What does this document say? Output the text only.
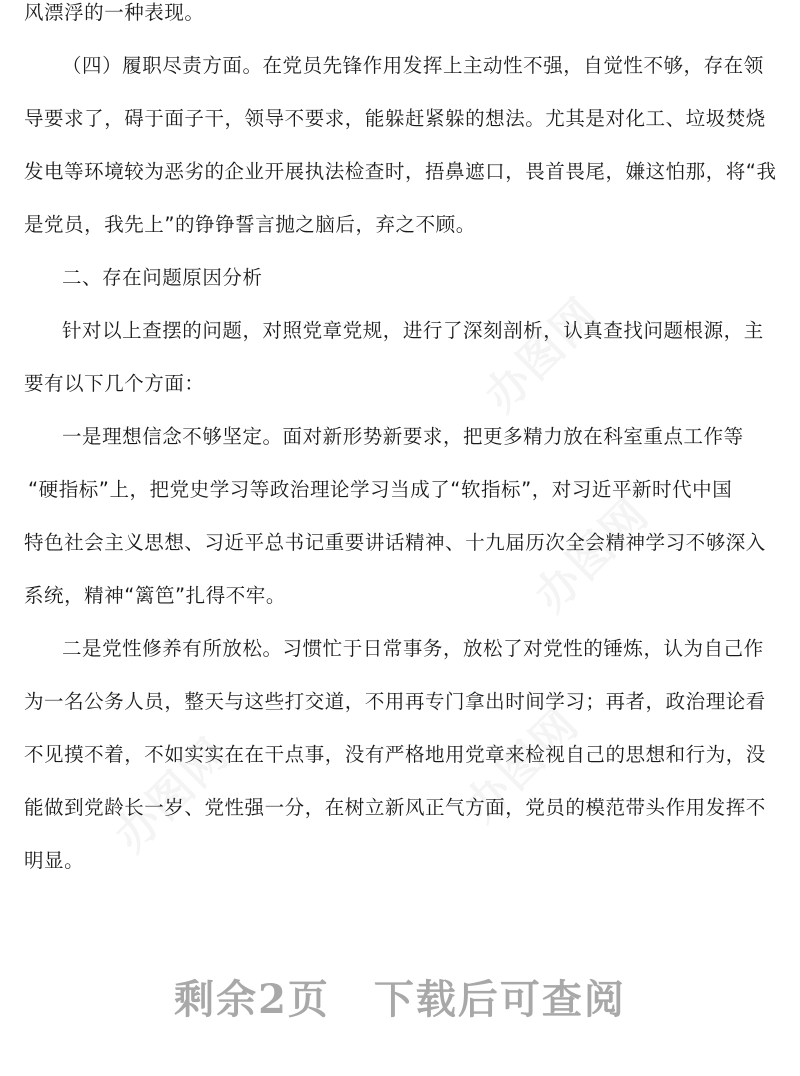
办图网
办图网
办图网
办图网
风漂浮的一种表现。
（四）履职尽责方面。在党员先锋作用发挥上主动性不强，自觉性不够，存在领
导要求了，碍于面子干，领导不要求，能躲赶紧躲的想法。尤其是对化工、垃圾焚烧
发电等环境较为恶劣的企业开展执法检查时，捂鼻遮口，畏首畏尾，嫌这怕那，将“我
是党员，我先上”的铮铮誓言抛之脑后，弃之不顾。
二、存在问题原因分析
针对以上查摆的问题，对照党章党规，进行了深刻剖析，认真查找问题根源，主
要有以下几个方面：
一是理想信念不够坚定。面对新形势新要求，把更多精力放在科室重点工作等
“硬指标”上，把党史学习等政治理论学习当成了“软指标”，对习近平新时代中国
特色社会主义思想、习近平总书记重要讲话精神、十九届历次全会精神学习不够深入
系统，精神“篱笆”扎得不牢。
二是党性修养有所放松。习惯忙于日常事务，放松了对党性的锤炼，认为自己作
为一名公务人员，整天与这些打交道，不用再专门拿出时间学习；再者，政治理论看
不见摸不着，不如实实在在干点事，没有严格地用党章来检视自己的思想和行为，没
能做到党龄长一岁、党性强一分，在树立新风正气方面，党员的模范带头作用发挥不
明显。
剩余2页 下载后可查阅
